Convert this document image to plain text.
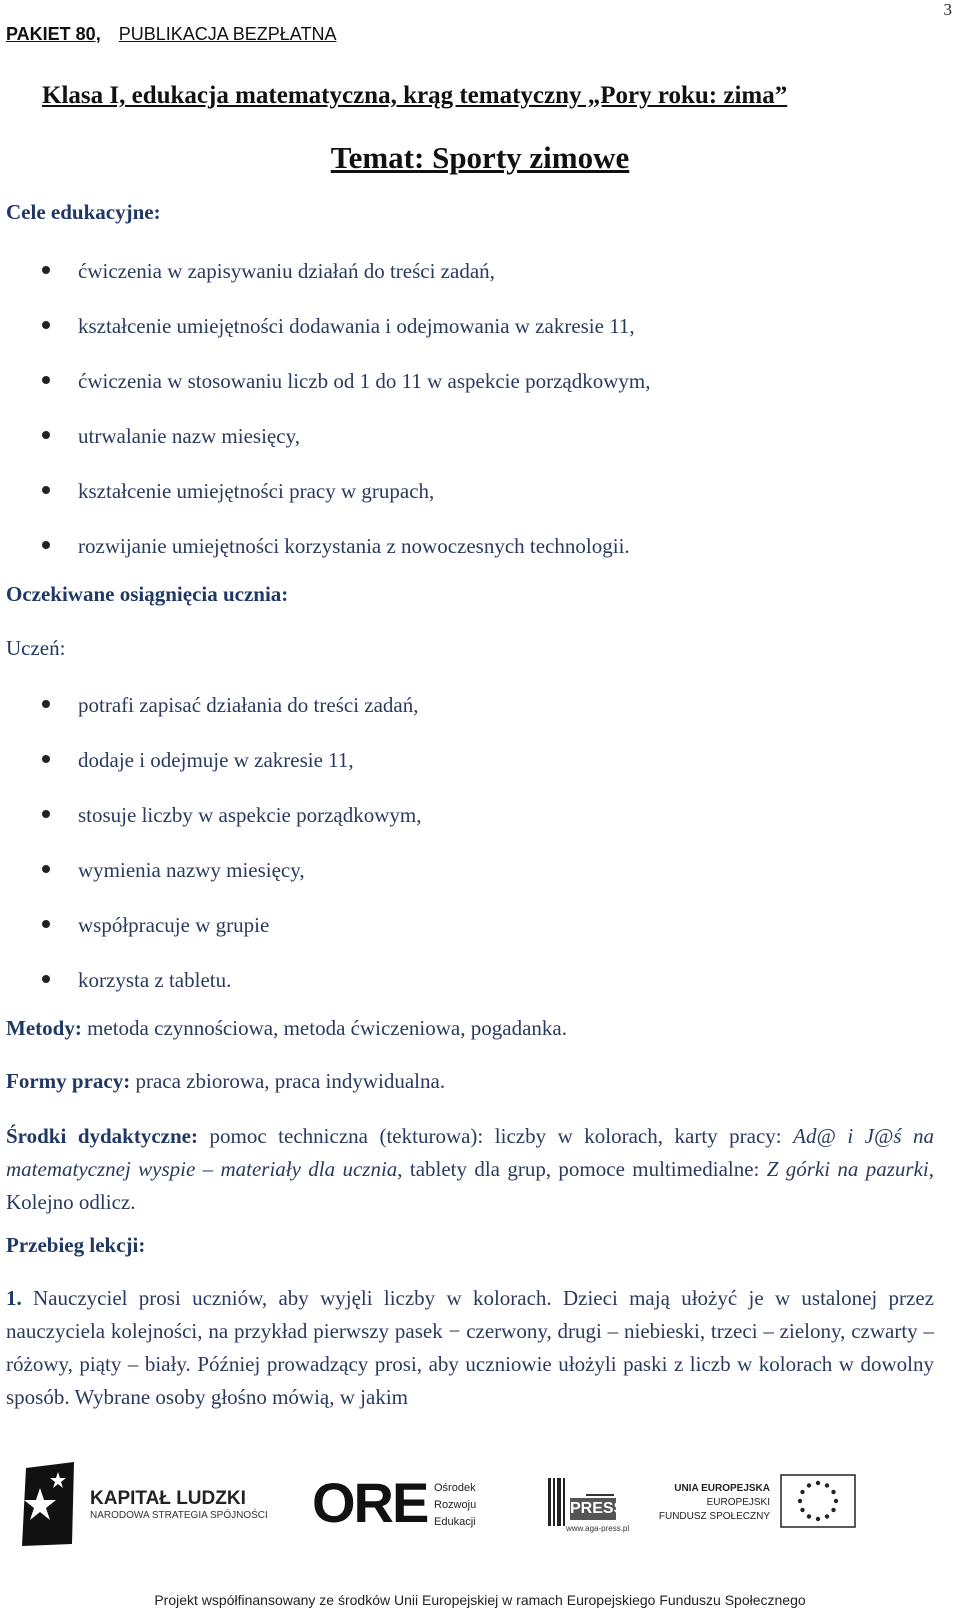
PAKIET 80, PUBLIKACJA BEZPŁATNA
3
Klasa I, edukacja matematyczna, krąg tematyczny „Pory roku: zima”
Temat: Sporty zimowe
Cele edukacyjne:
ćwiczenia w zapisywaniu działań do treści zadań,
kształcenie umiejętności dodawania i odejmowania w zakresie 11,
ćwiczenia w stosowaniu liczb od 1 do 11 w aspekcie porządkowym,
utrwalanie nazw miesięcy,
kształcenie umiejętności pracy w grupach,
rozwijanie umiejętności korzystania z nowoczesnych technologii.
Oczekiwane osiągnięcia ucznia:
Uczeń:
potrafi zapisać działania do treści zadań,
dodaje i odejmuje w zakresie 11,
stosuje liczby w aspekcie porządkowym,
wymienia nazwy miesięcy,
współpracuje w grupie
korzysta z tabletu.
Metody: metoda czynnościowa, metoda ćwiczeniowa, pogadanka.
Formy pracy: praca zbiorowa, praca indywidualna.
Środki dydaktyczne: pomoc techniczna (tekturowa): liczby w kolorach, karty pracy: Ad@ i J@ś na matematycznej wyspie – materiały dla ucznia, tablety dla grup, pomoce multimedialne: Z górki na pazurki, Kolejno odlicz.
Przebieg lekcji:
1. Nauczyciel prosi uczniów, aby wyjęli liczby w kolorach. Dzieci mają ułożyć je w ustalonej przez nauczyciela kolejności, na przykład pierwszy pasek − czerwony, drugi – niebieski, trzeci – zielony, czwarty – różowy, piąty – biały. Później prowadzący prosi, aby uczniowie ułożyli paski z liczb w kolorach w dowolny sposób. Wybrane osoby głośno mówią, w jakim
KAPITAŁ LUDZKI
NARODOWA STRATEGIA SPÓJNOŚCI ORE Ośrodek
Rozwoju
Edukacji
PRESS
www.aga-press.pl
UNIA EUROPEJSKA
EUROPEJSKI
FUNDUSZ SPOŁECZNY
Projekt współfinansowany ze środków Unii Europejskiej w ramach Europejskiego Funduszu Społecznego
